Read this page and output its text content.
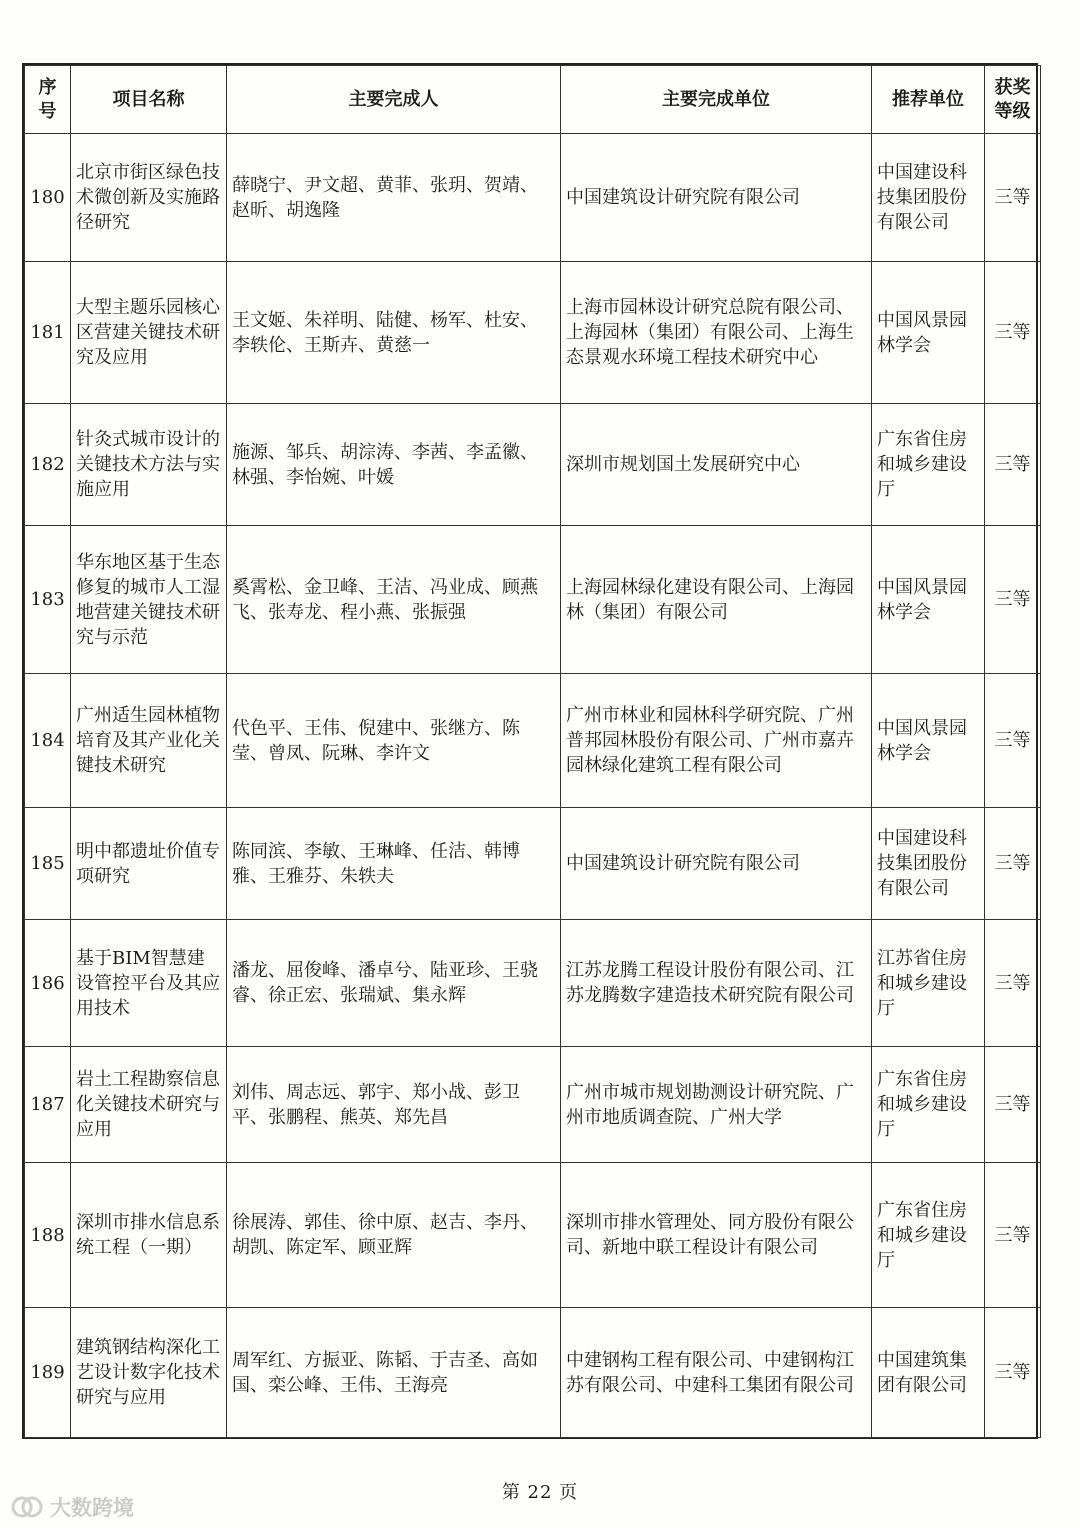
序号	项目名称	主要完成人	主要完成单位	推荐单位	获奖等级
180	北京市街区绿色技术微创新及实施路径研究	薛晓宁、尹文超、黄菲、张玥、贺靖、赵昕、胡逸隆	中国建筑设计研究院有限公司	中国建设科技集团股份有限公司	三等
181	大型主题乐园核心区营建关键技术研究及应用	王文姬、朱祥明、陆健、杨军、杜安、李轶伦、王斯卉、黄慈一	上海市园林设计研究总院有限公司、上海园林（集团）有限公司、上海生态景观水环境工程技术研究中心	中国风景园林学会	三等
182	针灸式城市设计的关键技术方法与实施应用	施源、邹兵、胡淙涛、李茜、李孟徽、林强、李怡婉、叶媛	深圳市规划国土发展研究中心	广东省住房和城乡建设厅	三等
183	华东地区基于生态修复的城市人工湿地营建关键技术研究与示范	奚霄松、金卫峰、王洁、冯业成、顾燕飞、张寿龙、程小燕、张振强	上海园林绿化建设有限公司、上海园林（集团）有限公司	中国风景园林学会	三等
184	广州适生园林植物培育及其产业化关键技术研究	代色平、王伟、倪建中、张继方、陈莹、曾凤、阮琳、李许文	广州市林业和园林科学研究院、广州普邦园林股份有限公司、广州市嘉卉园林绿化建筑工程有限公司	中国风景园林学会	三等
185	明中都遗址价值专项研究	陈同滨、李敏、王琳峰、任洁、韩博雅、王雅芬、朱轶夫	中国建筑设计研究院有限公司	中国建设科技集团股份有限公司	三等
186	基于BIM智慧建设管控平台及其应用技术	潘龙、屈俊峰、潘卓兮、陆亚珍、王骁睿、徐正宏、张瑞斌、集永辉	江苏龙腾工程设计股份有限公司、江苏龙腾数字建造技术研究院有限公司	江苏省住房和城乡建设厅	三等
187	岩土工程勘察信息化关键技术研究与应用	刘伟、周志远、郭宇、郑小战、彭卫平、张鹏程、熊英、郑先昌	广州市城市规划勘测设计研究院、广州市地质调查院、广州大学	广东省住房和城乡建设厅	三等
188	深圳市排水信息系统工程（一期）	徐展涛、郭佳、徐中原、赵吉、李丹、胡凯、陈定军、顾亚辉	深圳市排水管理处、同方股份有限公司、新地中联工程设计有限公司	广东省住房和城乡建设厅	三等
189	建筑钢结构深化工艺设计数字化技术研究与应用	周军红、方振亚、陈韬、于吉圣、高如国、栾公峰、王伟、王海亮	中建钢构工程有限公司、中建钢构江苏有限公司、中建科工集团有限公司	中国建筑集团有限公司	三等
第 22 页
大数跨境
